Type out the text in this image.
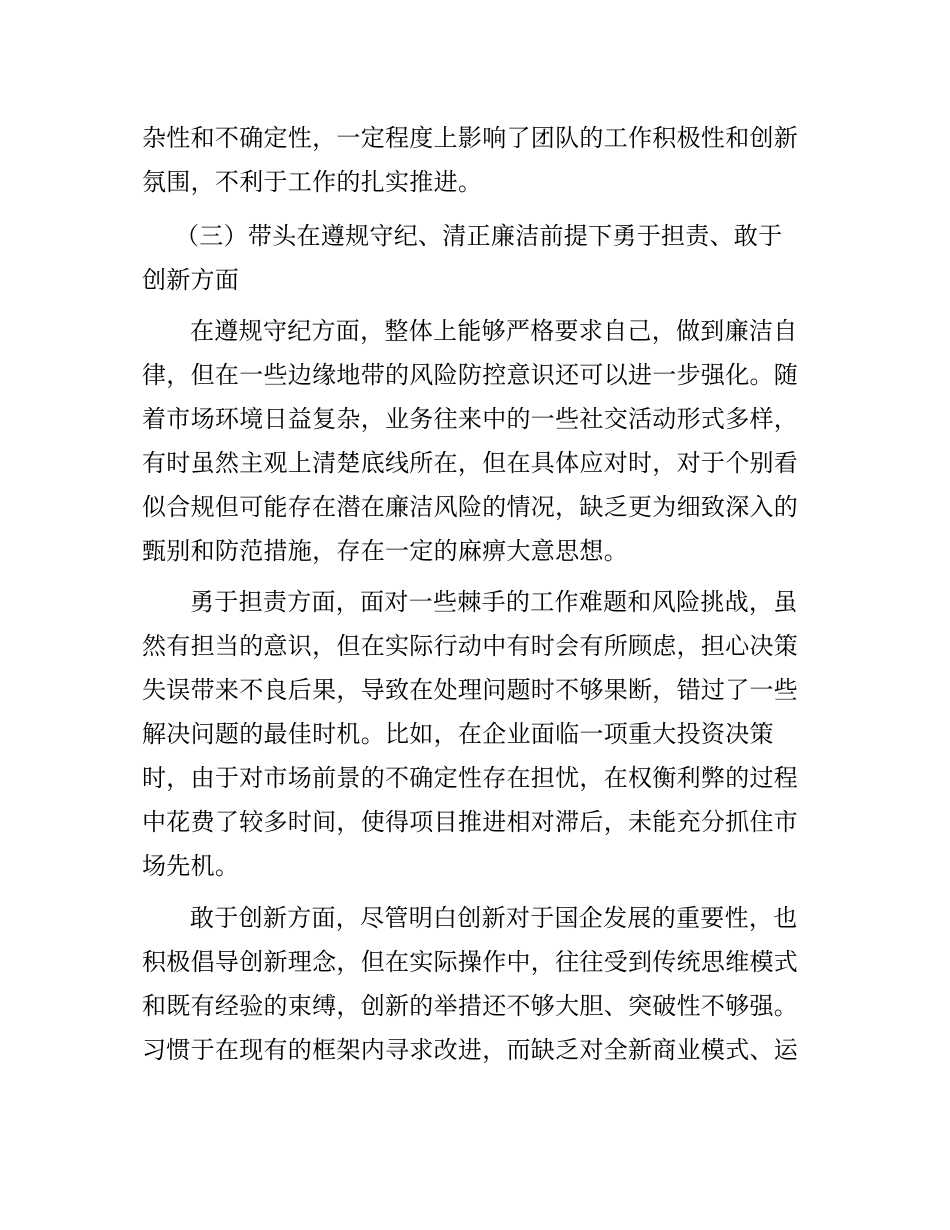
杂性和不确定性，一定程度上影响了团队的工作积极性和创新
氛围，不利于工作的扎实推进。
（三）带头在遵规守纪、清正廉洁前提下勇于担责、敢于
创新方面
在遵规守纪方面，整体上能够严格要求自己，做到廉洁自
律，但在一些边缘地带的风险防控意识还可以进一步强化。随
着市场环境日益复杂，业务往来中的一些社交活动形式多样，
有时虽然主观上清楚底线所在，但在具体应对时，对于个别看
似合规但可能存在潜在廉洁风险的情况，缺乏更为细致深入的
甄别和防范措施，存在一定的麻痹大意思想。
勇于担责方面，面对一些棘手的工作难题和风险挑战，虽
然有担当的意识，但在实际行动中有时会有所顾虑，担心决策
失误带来不良后果，导致在处理问题时不够果断，错过了一些
解决问题的最佳时机。比如，在企业面临一项重大投资决策
时，由于对市场前景的不确定性存在担忧，在权衡利弊的过程
中花费了较多时间，使得项目推进相对滞后，未能充分抓住市
场先机。
敢于创新方面，尽管明白创新对于国企发展的重要性，也
积极倡导创新理念，但在实际操作中，往往受到传统思维模式
和既有经验的束缚，创新的举措还不够大胆、突破性不够强。
习惯于在现有的框架内寻求改进，而缺乏对全新商业模式、运
